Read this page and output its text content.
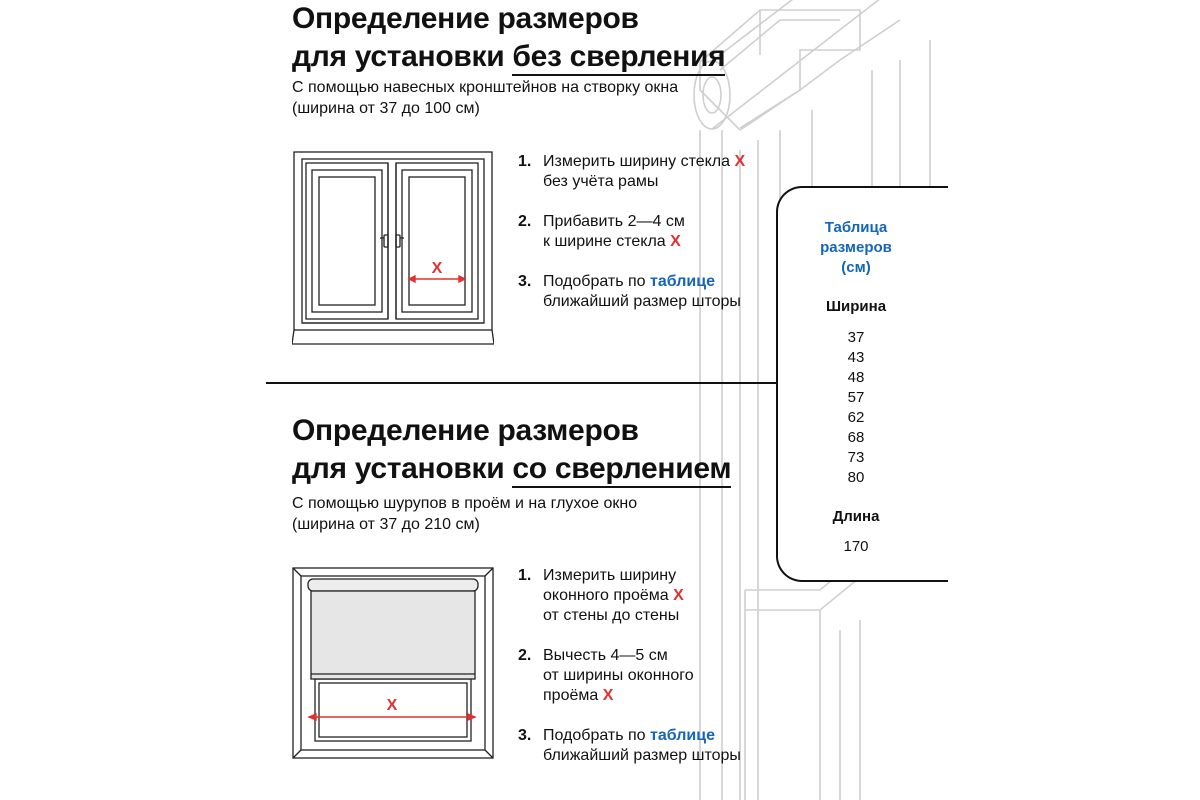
Определение размеров
для установки без сверления

С помощью навесных кронштейнов на створку окна
(ширина от 37 до 100 см)

X
1. Измерить ширину стекла X
без учёта рамы
2. Прибавить 2—4 см
к ширине стекла X
3. Подобрать по таблице
ближайший размер шторы
Определение размеров
для установки со сверлением

С помощью шурупов в проём и на глухое окно
(ширина от 37 до 210 см)

X
1. Измерить ширину
оконного проёма X
от стены до стены
2. Вычесть 4—5 см
от ширины оконного
проёма X
3. Подобрать по таблице
ближайший размер шторы
Таблица
размеров
(см)
Ширина
37
43
48
57
62
68
73
80
Длина
170
